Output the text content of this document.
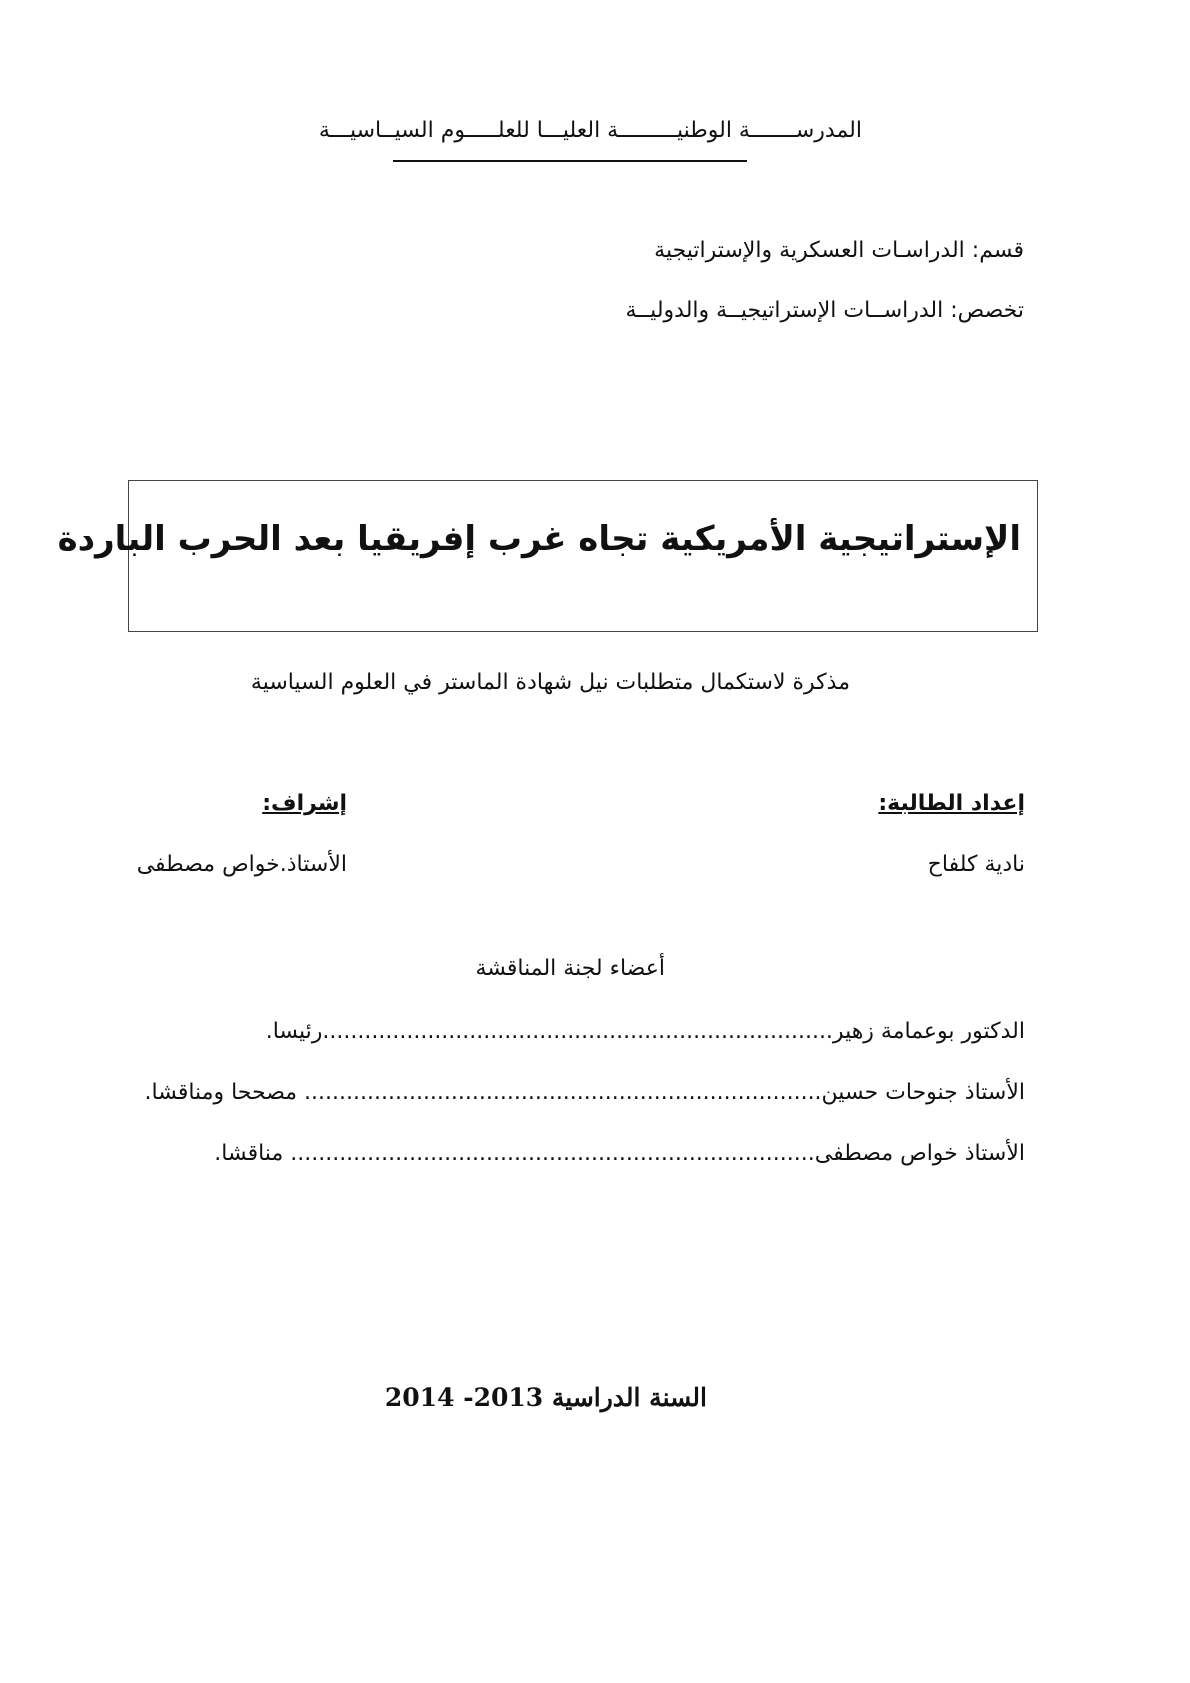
المدرســـــــة الوطنيـــــــــة العليـــا للعلـــــوم السيــاسيـــة
قسم: الدراسـات العسكرية والإستراتيجية
تخصص: الدراســات الإستراتيجيــة والدوليــة
الإستراتيجية الأمريكية تجاه غرب إفريقيا بعد الحرب الباردة
مذكرة لاستكمال متطلبات نيل شهادة الماستر في العلوم السياسية
إعداد الطالبة:
إشراف:
نادية كلفاح
الأستاذ.خواص مصطفى
أعضاء لجنة المناقشة
الدكتور بوعمامة زهير.........................................................................رئيسا.
الأستاذ جنوحات حسين.......................................................................... مصححا ومناقشا.
الأستاذ خواص مصطفى........................................................................... مناقشا.
السنة الدراسية 2013- 2014
